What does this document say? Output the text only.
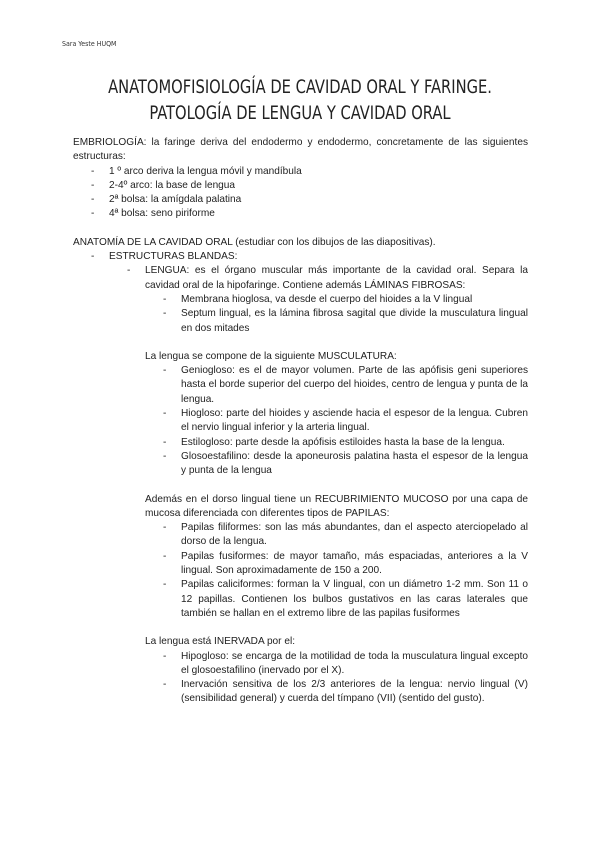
Sara Yeste HUQM
ANATOMOFISIOLOGÍA DE CAVIDAD ORAL Y FARINGE.
PATOLOGÍA DE LENGUA Y CAVIDAD ORAL

EMBRIOLOGÍA: la faringe deriva del endodermo y endodermo, concretamente de las siguientes estructuras:

- 1 º arco deriva la lengua móvil y mandíbula
- 2-4º arco: la base de lengua
- 2ª bolsa: la amígdala palatina
- 4ª bolsa: seno piriforme

ANATOMÍA DE LA CAVIDAD ORAL (estudiar con los dibujos de las diapositivas).

- ESTRUCTURAS BLANDAS:
- LENGUA: es el órgano muscular más importante de la cavidad oral. Separa la cavidad oral de la hipofaringe. Contiene además LÁMINAS FIBROSAS:
- Membrana hioglosa, va desde el cuerpo del hioides a la V lingual
- Septum lingual, es la lámina fibrosa sagital que divide la musculatura lingual en dos mitades

La lengua se compone de la siguiente MUSCULATURA:

- Geniogloso: es el de mayor volumen. Parte de las apófisis geni superiores hasta el borde superior del cuerpo del hioides, centro de lengua y punta de la lengua.
- Hiogloso: parte del hioides y asciende hacia el espesor de la lengua. Cubren el nervio lingual inferior y la arteria lingual.
- Estilogloso: parte desde la apófisis estiloides hasta la base de la lengua.
- Glosoestafilino: desde la aponeurosis palatina hasta el espesor de la lengua y punta de la lengua

Además en el dorso lingual tiene un RECUBRIMIENTO MUCOSO por una capa de mucosa diferenciada con diferentes tipos de PAPILAS:

- Papilas filiformes: son las más abundantes, dan el aspecto aterciopelado al dorso de la lengua.
- Papilas fusiformes: de mayor tamaño, más espaciadas, anteriores a la V lingual. Son aproximadamente de 150 a 200.
- Papilas caliciformes: forman la V lingual, con un diámetro 1-2 mm. Son 11 o 12 papillas. Contienen los bulbos gustativos en las caras laterales que también se hallan en el extremo libre de las papilas fusiformes

La lengua está INERVADA por el:

- Hipogloso: se encarga de la motilidad de toda la musculatura lingual excepto el glosoestafilino (inervado por el X).
- Inervación sensitiva de los 2/3 anteriores de la lengua: nervio lingual (V)(sensibilidad general) y cuerda del tímpano (VII) (sentido del gusto).
